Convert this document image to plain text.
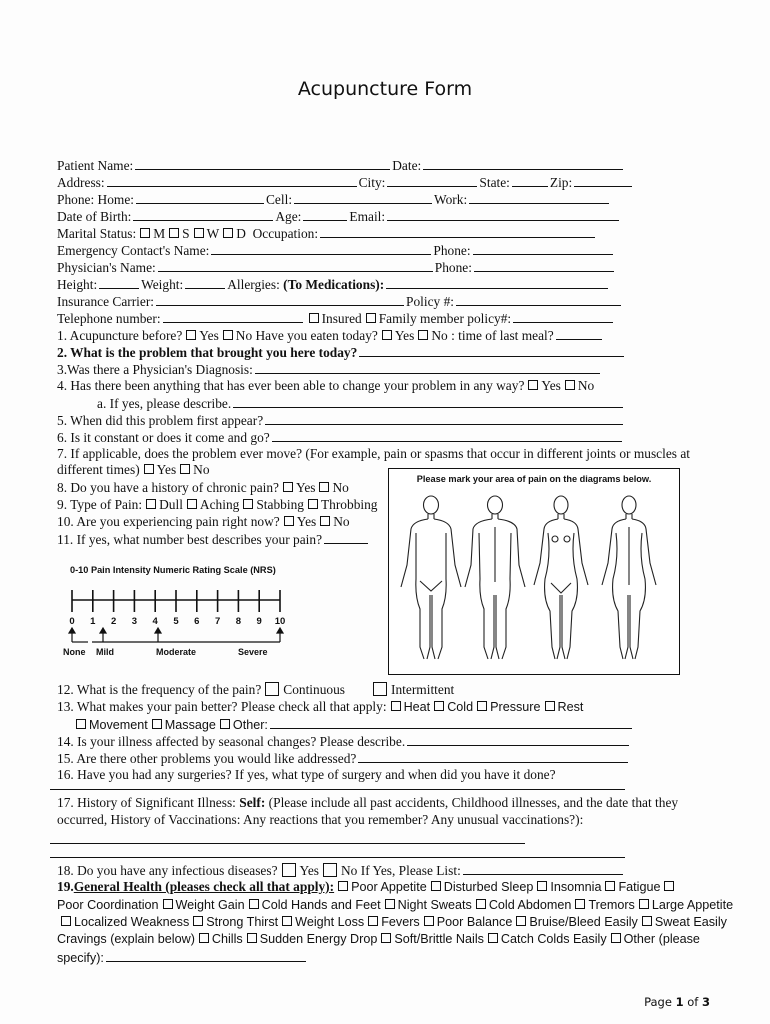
Acupuncture Form
Patient Name:	Date:
Address:	City:	State:	Zip:
Phone: Home:	Cell:	Work:
Date of Birth:	Age:	Email:
Marital Status: M S W D Occupation:
Emergency Contact's Name:	Phone:
Physician's Name:	Phone:
Height:	Weight:	Allergies: (To Medications):
Insurance Carrier:	Policy #:
Telephone number:	Insured Family member policy#:
1. Acupuncture before? Yes No Have you eaten today? Yes No : time of last meal?
2. What is the problem that brought you here today?
3.Was there a Physician's Diagnosis:
4. Has there been anything that has ever been able to change your problem in any way? Yes No
a. If yes, please describe.
5. When did this problem first appear?
6. Is it constant or does it come and go?
7. If applicable, does the problem ever move? (For example, pain or spasms that occur in different joints or muscles at
different times) Yes No
8. Do you have a history of chronic pain? Yes No
9. Type of Pain: Dull Aching Stabbing Throbbing
10. Are you experiencing pain right now? Yes No
11. If yes, what number best describes your pain?
0-10 Pain Intensity Numeric Rating Scale (NRS)
0 1 2 3 4 5 6 7 8 9 10
None Mild	Moderate	Severe
Please mark your area of pain on the diagrams below.
12. What is the frequency of the pain? Continuous	Intermittent
13. What makes your pain better? Please check all that apply: Heat Cold Pressure Rest
Movement Massage Other:
14. Is your illness affected by seasonal changes? Please describe.
15. Are there other problems you would like addressed?
16. Have you had any surgeries? If yes, what type of surgery and when did you have it done?
17. History of Significant Illness: Self: (Please include all past accidents, Childhood illnesses, and the date that they
occurred, History of Vaccinations: Any reactions that you remember? Any unusual vaccinations?):
18. Do you have any infectious diseases? Yes No If Yes, Please List:
19.General Health (pleases check all that apply): Poor Appetite Disturbed Sleep Insomnia Fatigue
Poor Coordination Weight Gain Cold Hands and Feet Night Sweats Cold Abdomen Tremors Large Appetite
Localized Weakness Strong Thirst Weight Loss Fevers Poor Balance Bruise/Bleed Easily Sweat Easily
Cravings (explain below) Chills Sudden Energy Drop Soft/Brittle Nails Catch Colds Easily Other (please
specify):
Page 1 of 3
